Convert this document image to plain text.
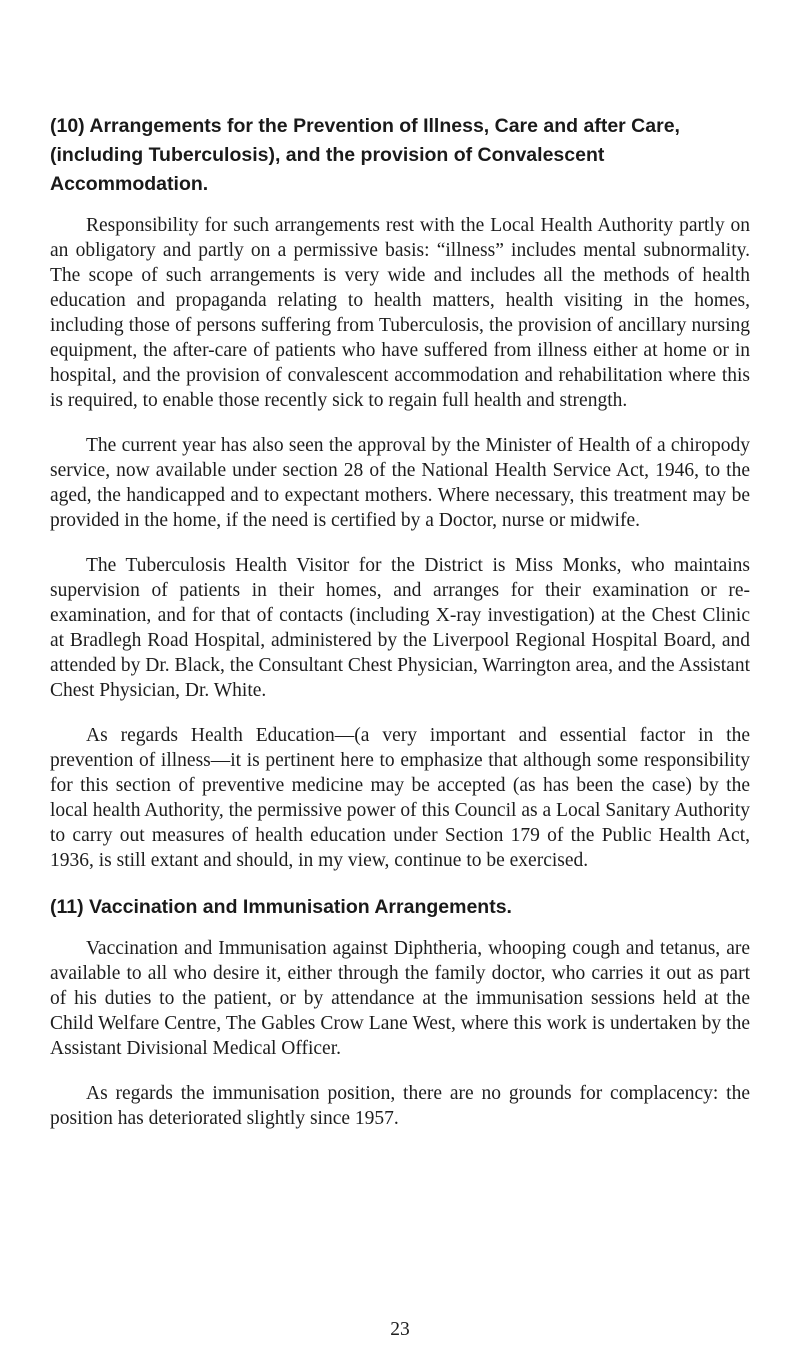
(10) Arrangements for the Prevention of Illness, Care and after Care, (including Tuberculosis), and the provision of Convalescent Accommodation.

Responsibility for such arrangements rest with the Local Health Authority partly on an obligatory and partly on a permissive basis: “illness” includes mental subnormality. The scope of such arrangements is very wide and includes all the methods of health education and propaganda relating to health matters, health visiting in the homes, including those of persons suffering from Tuberculosis, the provision of ancillary nursing equipment, the after-care of patients who have suffered from illness either at home or in hospital, and the provision of convalescent accommodation and rehabilitation where this is required, to enable those recently sick to regain full health and strength.

The current year has also seen the approval by the Minister of Health of a chiropody service, now available under section 28 of the National Health Service Act, 1946, to the aged, the handicapped and to expectant mothers. Where necessary, this treatment may be provided in the home, if the need is certified by a Doctor, nurse or midwife.

The Tuberculosis Health Visitor for the District is Miss Monks, who maintains supervision of patients in their homes, and arranges for their examination or re-examination, and for that of contacts (including X-ray investigation) at the Chest Clinic at Bradlegh Road Hospital, administered by the Liverpool Regional Hospital Board, and attended by Dr. Black, the Consultant Chest Physician, Warrington area, and the Assistant Chest Physician, Dr. White.

As regards Health Education—(a very important and essential factor in the prevention of illness—it is pertinent here to emphasize that although some responsibility for this section of preventive medicine may be accepted (as has been the case) by the local health Authority, the permissive power of this Council as a Local Sanitary Authority to carry out measures of health education under Section 179 of the Public Health Act, 1936, is still extant and should, in my view, continue to be exercised.

(11) Vaccination and Immunisation Arrangements.

Vaccination and Immunisation against Diphtheria, whooping cough and tetanus, are available to all who desire it, either through the family doctor, who carries it out as part of his duties to the patient, or by attendance at the immunisation sessions held at the Child Welfare Centre, The Gables Crow Lane West, where this work is undertaken by the Assistant Divisional Medical Officer.

As regards the immunisation position, there are no grounds for complacency: the position has deteriorated slightly since 1957.

23
